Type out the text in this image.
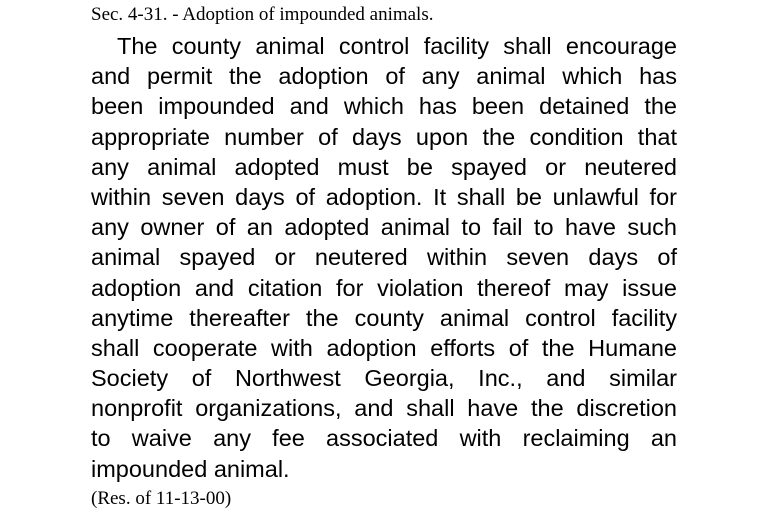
Sec. 4-31. - Adoption of impounded animals.
The county animal control facility shall encourage
and permit the adoption of any animal which has
been impounded and which has been detained the
appropriate number of days upon the condition that
any animal adopted must be spayed or neutered
within seven days of adoption. It shall be unlawful for
any owner of an adopted animal to fail to have such
animal spayed or neutered within seven days of
adoption and citation for violation thereof may issue
anytime thereafter the county animal control facility
shall cooperate with adoption efforts of the Humane
Society of Northwest Georgia, Inc., and similar
nonprofit organizations, and shall have the discretion
to waive any fee associated with reclaiming an
impounded animal.
(Res. of 11-13-00)
